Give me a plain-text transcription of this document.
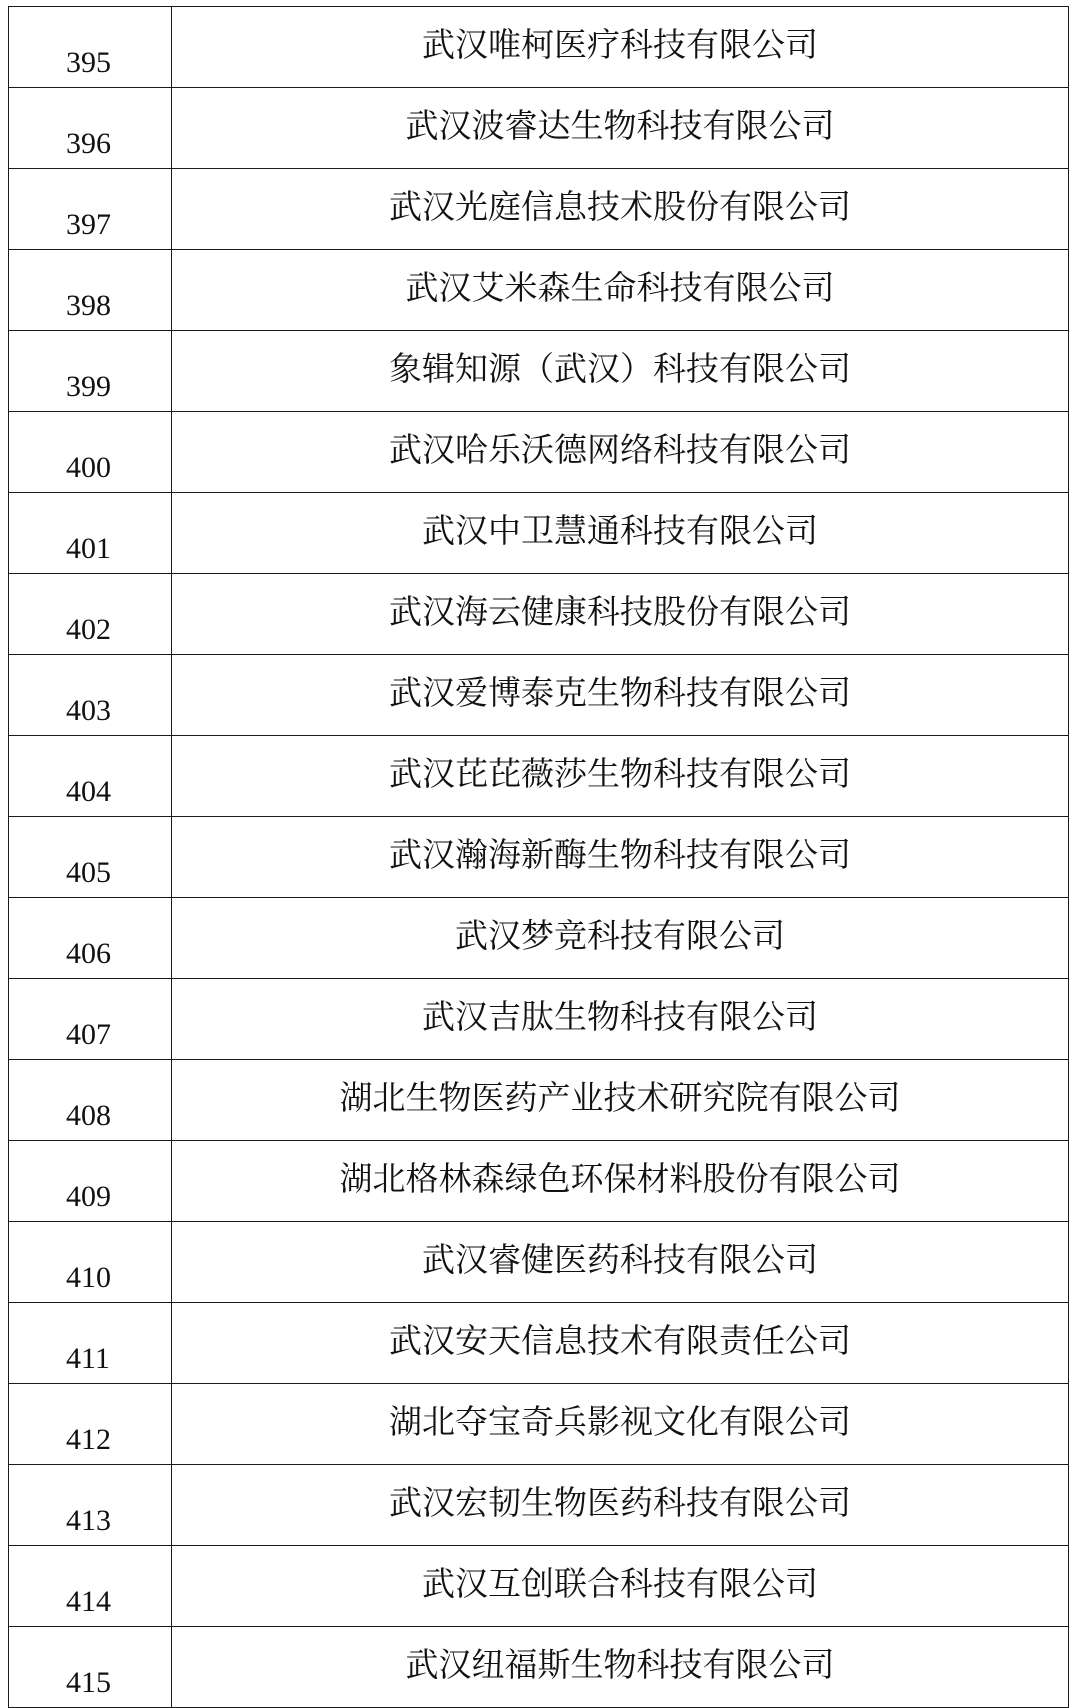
395	武汉唯柯医疗科技有限公司
396	武汉波睿达生物科技有限公司
397	武汉光庭信息技术股份有限公司
398	武汉艾米森生命科技有限公司
399	象辑知源（武汉）科技有限公司
400	武汉哈乐沃德网络科技有限公司
401	武汉中卫慧通科技有限公司
402	武汉海云健康科技股份有限公司
403	武汉爱博泰克生物科技有限公司
404	武汉芘芘薇莎生物科技有限公司
405	武汉瀚海新酶生物科技有限公司
406	武汉梦竞科技有限公司
407	武汉吉肽生物科技有限公司
408	湖北生物医药产业技术研究院有限公司
409	湖北格林森绿色环保材料股份有限公司
410	武汉睿健医药科技有限公司
411	武汉安天信息技术有限责任公司
412	湖北夺宝奇兵影视文化有限公司
413	武汉宏韧生物医药科技有限公司
414	武汉互创联合科技有限公司
415	武汉纽福斯生物科技有限公司
